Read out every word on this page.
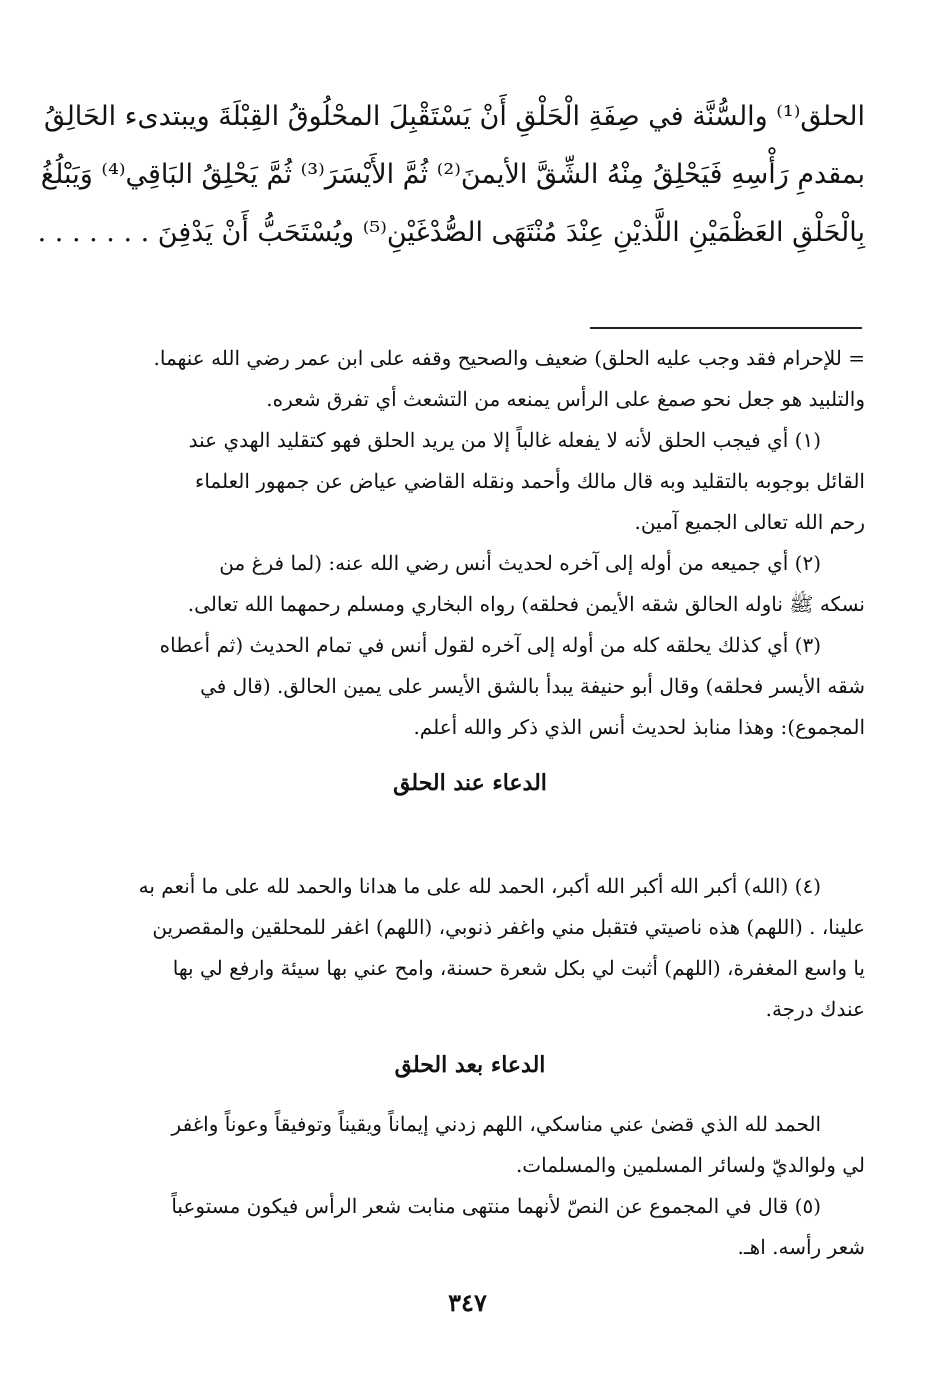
الحلق⁽¹⁾ والسُّنَّة في صِفَةِ الْحَلْقِ أَنْ يَسْتَقْبِلَ المحْلُوقُ القِبْلَةَ ويبتدىء الحَالِقُ
بمقدمِ رَأْسِهِ فَيَحْلِقُ مِنْهُ الشِّقَّ الأيمنَ⁽²⁾ ثُمَّ الأَيْسَرَ⁽³⁾ ثُمَّ يَحْلِقُ البَاقِي⁽⁴⁾ وَيَبْلُغُ
بِالْحَلْقِ العَظْمَيْنِ اللَّذيْنِ عِنْدَ مُنْتَهَى الصُّدْغَيْنِ⁽⁵⁾ ويُسْتَحَبُّ أَنْ يَدْفِنَ . . . . . . .
= للإحرام فقد وجب عليه الحلق) ضعيف والصحيح وقفه على ابن عمر رضي الله عنهما.
والتلبيد هو جعل نحو صمغ على الرأس يمنعه من التشعث أي تفرق شعره.
(١) أي فيجب الحلق لأنه لا يفعله غالباً إلا من يريد الحلق فهو كتقليد الهدي عند
القائل بوجوبه بالتقليد وبه قال مالك وأحمد ونقله القاضي عياض عن جمهور العلماء
رحم الله تعالى الجميع آمين.
(٢) أي جميعه من أوله إلى آخره لحديث أنس رضي الله عنه: (لما فرغ من
نسكه ﷺ ناوله الحالق شقه الأيمن فحلقه) رواه البخاري ومسلم رحمهما الله تعالى.
(٣) أي كذلك يحلقه كله من أوله إلى آخره لقول أنس في تمام الحديث (ثم أعطاه
شقه الأيسر فحلقه) وقال أبو حنيفة يبدأ بالشق الأيسر على يمين الحالق. (قال في
المجموع): وهذا منابذ لحديث أنس الذي ذكر والله أعلم.
الدعاء عند الحلق
(٤) (الله) أكبر الله أكبر الله أكبر، الحمد لله على ما هدانا والحمد لله على ما أنعم به
علينا، . (اللهم) هذه ناصيتي فتقبل مني واغفر ذنوبي، (اللهم) اغفر للمحلقين والمقصرين
يا واسع المغفرة، (اللهم) أثبت لي بكل شعرة حسنة، وامح عني بها سيئة وارفع لي بها
عندك درجة.
الدعاء بعد الحلق
الحمد لله الذي قضىٰ عني مناسكي، اللهم زدني إيماناً ويقيناً وتوفيقاً وعوناً واغفر
لي ولوالديّ ولسائر المسلمين والمسلمات.
(٥) قال في المجموع عن النصّ لأنهما منتهى منابت شعر الرأس فيكون مستوعباً
شعر رأسه. اهـ.
٣٤٧
